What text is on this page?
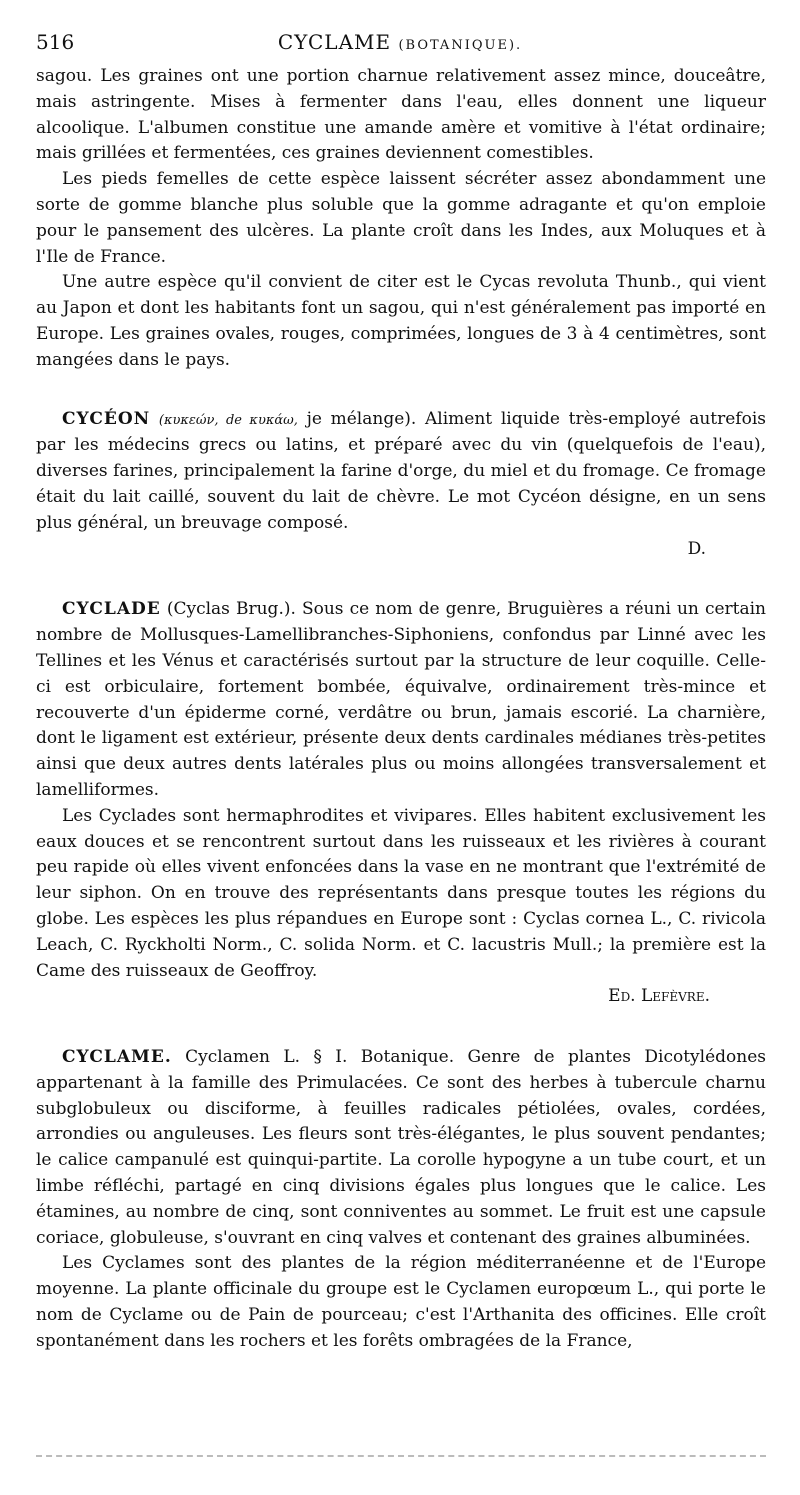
516	CYCLAME (BOTANIQUE).

sagou. Les graines ont une portion charnue relativement assez mince, douceâtre, mais astringente. Mises à fermenter dans l'eau, elles donnent une liqueur alcoolique. L'albumen constitue une amande amère et vomitive à l'état ordinaire; mais grillées et fermentées, ces graines deviennent comestibles.

Les pieds femelles de cette espèce laissent sécréter assez abondamment une sorte de gomme blanche plus soluble que la gomme adragante et qu'on emploie pour le pansement des ulcères. La plante croît dans les Indes, aux Moluques et à l'Ile de France.

Une autre espèce qu'il convient de citer est le Cycas revoluta Thunb., qui vient au Japon et dont les habitants font un sagou, qui n'est généralement pas importé en Europe. Les graines ovales, rouges, comprimées, longues de 3 à 4 centimètres, sont mangées dans le pays.

CYCÉON (κυκεών, de κυκάω, je mélange). Aliment liquide très-employé autrefois par les médecins grecs ou latins, et préparé avec du vin (quelquefois de l'eau), diverses farines, principalement la farine d'orge, du miel et du fromage. Ce fromage était du lait caillé, souvent du lait de chèvre. Le mot Cycéon désigne, en un sens plus général, un breuvage composé.

D.

CYCLADE (Cyclas Brug.). Sous ce nom de genre, Bruguières a réuni un certain nombre de Mollusques-Lamellibranches-Siphoniens, confondus par Linné avec les Tellines et les Vénus et caractérisés surtout par la structure de leur coquille. Celle-ci est orbiculaire, fortement bombée, équivalve, ordinairement très-mince et recouverte d'un épiderme corné, verdâtre ou brun, jamais escorié. La charnière, dont le ligament est extérieur, présente deux dents cardinales médianes très-petites ainsi que deux autres dents latérales plus ou moins allongées transversalement et lamelliformes.

Les Cyclades sont hermaphrodites et vivipares. Elles habitent exclusivement les eaux douces et se rencontrent surtout dans les ruisseaux et les rivières à courant peu rapide où elles vivent enfoncées dans la vase en ne montrant que l'extrémité de leur siphon. On en trouve des représentants dans presque toutes les régions du globe. Les espèces les plus répandues en Europe sont : Cyclas cornea L., C. rivicola Leach, C. Ryckholti Norm., C. solida Norm. et C. lacustris Mull.; la première est la Came des ruisseaux de Geoffroy.

Ed. Lefèvre.

CYCLAME. Cyclamen L. § I. Botanique. Genre de plantes Dicotylédones appartenant à la famille des Primulacées. Ce sont des herbes à tubercule charnu subglobuleux ou disciforme, à feuilles radicales pétiolées, ovales, cordées, arrondies ou anguleuses. Les fleurs sont très-élégantes, le plus souvent pendantes; le calice campanulé est quinqui-partite. La corolle hypogyne a un tube court, et un limbe réfléchi, partagé en cinq divisions égales plus longues que le calice. Les étamines, au nombre de cinq, sont conniventes au sommet. Le fruit est une capsule coriace, globuleuse, s'ouvrant en cinq valves et contenant des graines albuminées.

Les Cyclames sont des plantes de la région méditerranéenne et de l'Europe moyenne. La plante officinale du groupe est le Cyclamen europœum L., qui porte le nom de Cyclame ou de Pain de pourceau; c'est l'Arthanita des officines. Elle croît spontanément dans les rochers et les forêts ombragées de la France,
